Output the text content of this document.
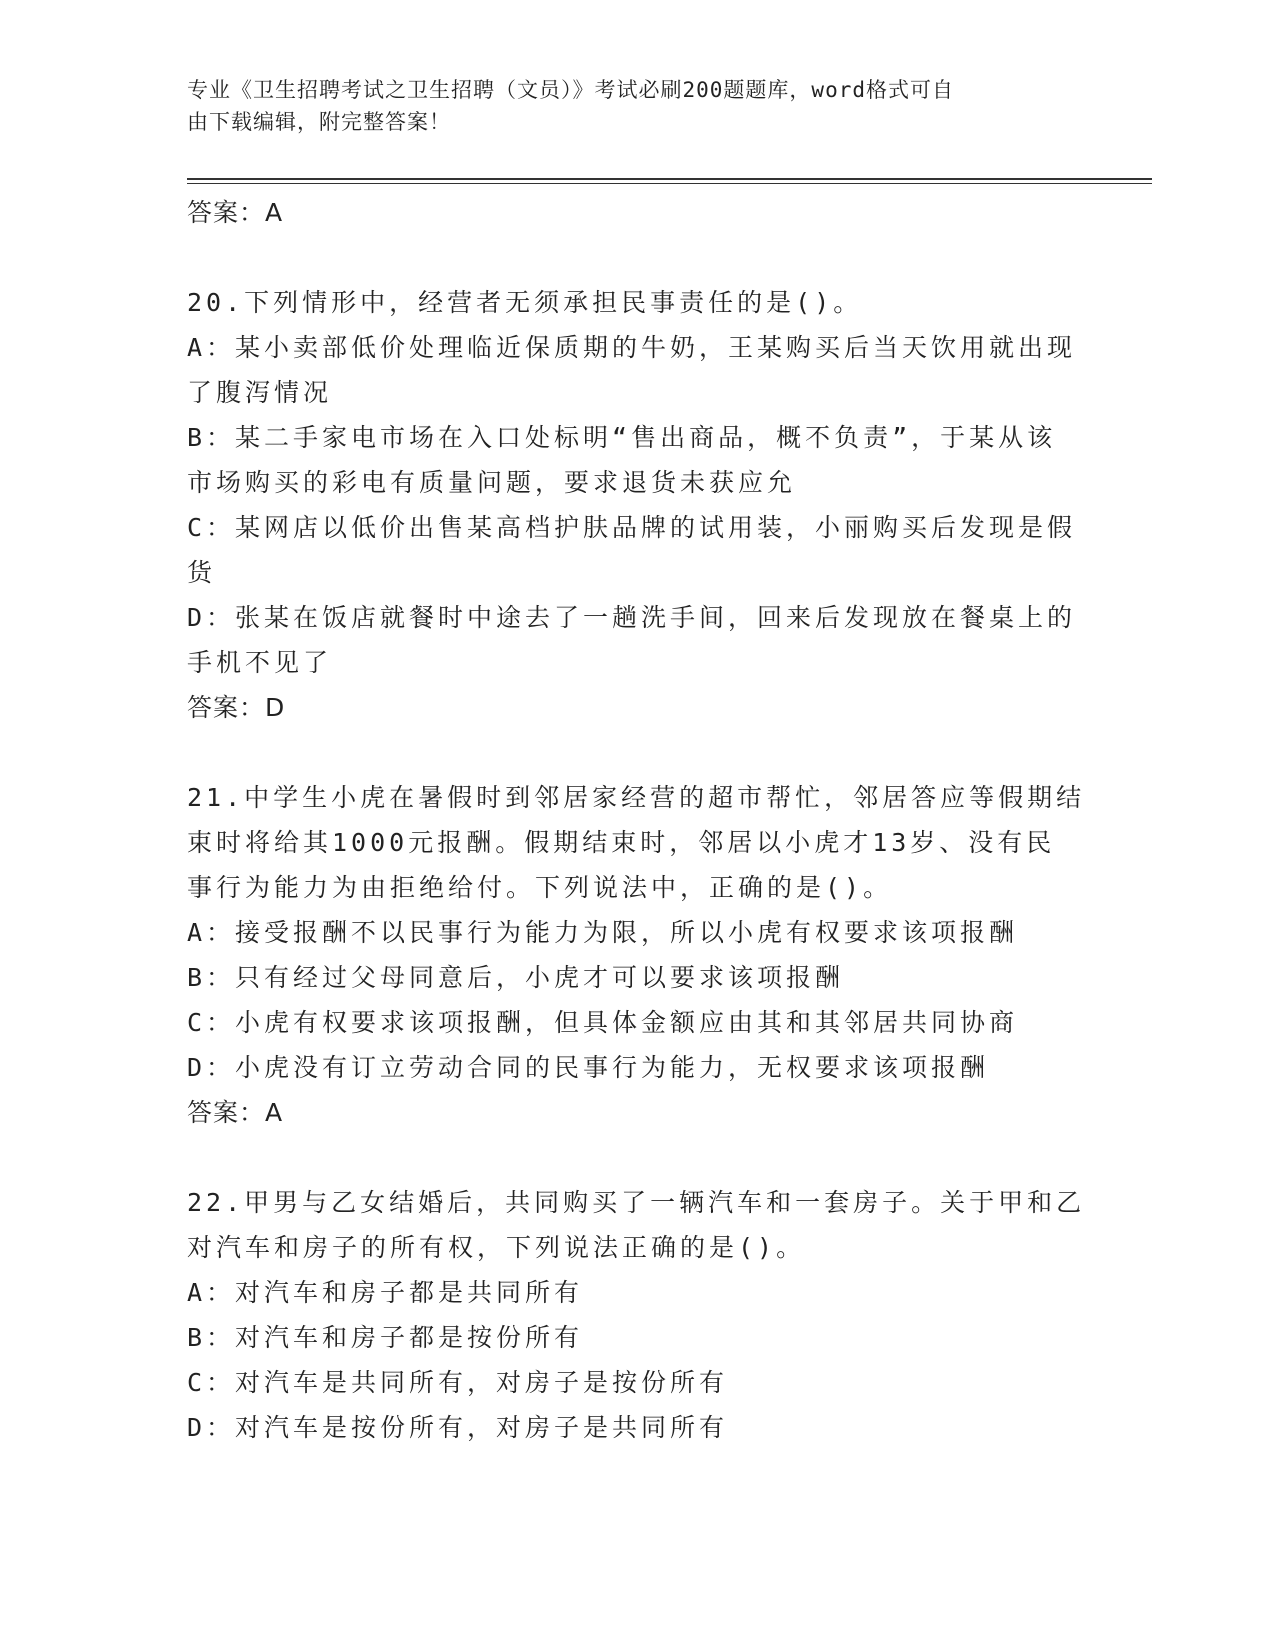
专业《卫生招聘考试之卫生招聘（文员）》考试必刷200题题库，word格式可自
由下载编辑，附完整答案！
答案：A
20.下列情形中，经营者无须承担民事责任的是()。
A：某小卖部低价处理临近保质期的牛奶，王某购买后当天饮用就出现
了腹泻情况
B：某二手家电市场在入口处标明“售出商品，概不负责”，于某从该
市场购买的彩电有质量问题，要求退货未获应允
C：某网店以低价出售某高档护肤品牌的试用装，小丽购买后发现是假
货
D：张某在饭店就餐时中途去了一趟洗手间，回来后发现放在餐桌上的
手机不见了
答案：D
21.中学生小虎在暑假时到邻居家经营的超市帮忙，邻居答应等假期结
束时将给其1000元报酬。假期结束时，邻居以小虎才13岁、没有民
事行为能力为由拒绝给付。下列说法中，正确的是()。
A：接受报酬不以民事行为能力为限，所以小虎有权要求该项报酬
B：只有经过父母同意后，小虎才可以要求该项报酬
C：小虎有权要求该项报酬，但具体金额应由其和其邻居共同协商
D：小虎没有订立劳动合同的民事行为能力，无权要求该项报酬
答案：A
22.甲男与乙女结婚后，共同购买了一辆汽车和一套房子。关于甲和乙
对汽车和房子的所有权，下列说法正确的是()。
A：对汽车和房子都是共同所有
B：对汽车和房子都是按份所有
C：对汽车是共同所有，对房子是按份所有
D：对汽车是按份所有，对房子是共同所有
